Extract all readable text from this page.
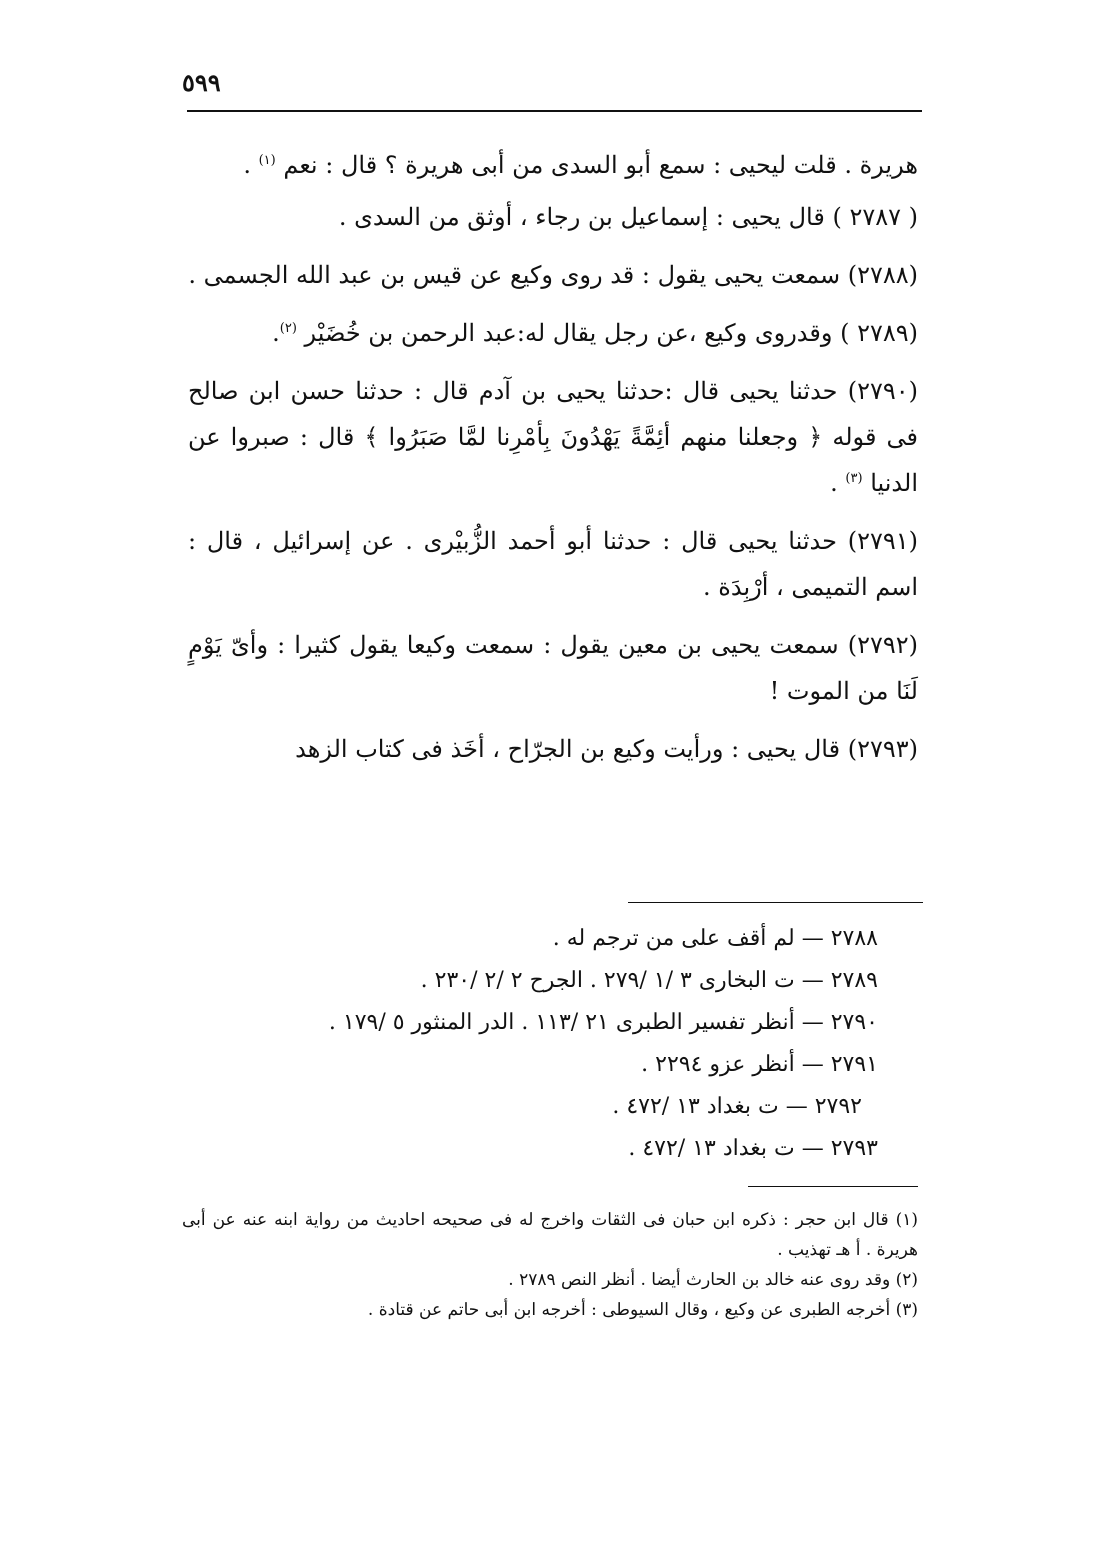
٥٩٩

هريرة . قلت ليحيى : سمع أبو السدى من أبى هريرة ؟ قال : نعم $^{(١)}$ .

( ٢٧٨٧ ) قال يحيى : إسماعيل بن رجاء ، أوثق من السدى .

(٢٧٨٨) سمعت يحيى يقول : قد روى وكيع عن قيس بن عبد الله الجسمى .

(٢٧٨٩ ) وقدروى وكيع ،عن رجل يقال له:عبد الرحمن بن خُضَيْر $^{(٢)}$.

(٢٧٩٠) حدثنا يحيى قال :حدثنا يحيى بن آدم قال : حدثنا حسن ابن صالح فى قوله ﴿ وجعلنا منهم أئِمَّةً يَهْدُونَ بِأمْرِنا لمَّا صَبَرُوا ﴾ قال : صبروا عن الدنيا $^{(٣)}$ .

(٢٧٩١) حدثنا يحيى قال : حدثنا أبو أحمد الزُّبيْرى . عن إسرائيل ، قال : اسم التميمى ، أرْبِدَة .

(٢٧٩٢) سمعت يحيى بن معين يقول : سمعت وكيعا يقول كثيرا : وأىّ يَوْمٍ لَنَا من الموت !

(٢٧٩٣) قال يحيى : ورأيت وكيع بن الجرّاح ، أخَذ فى كتاب الزهد

٢٧٨٨ — لم أقف على من ترجم له .
٢٧٨٩ — ت البخارى ٣ /١ /٢٧٩ . الجرح ٢ /٢ /٢٣٠ .
٢٧٩٠ — أنظر تفسير الطبرى ٢١ /١١٣ . الدر المنثور ٥ /١٧٩ .
٢٧٩١ — أنظر عزو ٢٢٩٤ .
٢٧٩٢ — ت بغداد ١٣ /٤٧٢ .
٢٧٩٣ — ت بغداد ١٣ /٤٧٢ .

(١) قال ابن حجر : ذكره ابن حبان فى الثقات واخرج له فى صحيحه احاديث من رواية ابنه عنه عن أبى هريرة . أ هـ تهذيب .

(٢) وقد روى عنه خالد بن الحارث أيضا . أنظر النص ٢٧٨٩ .

(٣) أخرجه الطبرى عن وكيع ، وقال السيوطى : أخرجه ابن أبى حاتم عن قتادة .
